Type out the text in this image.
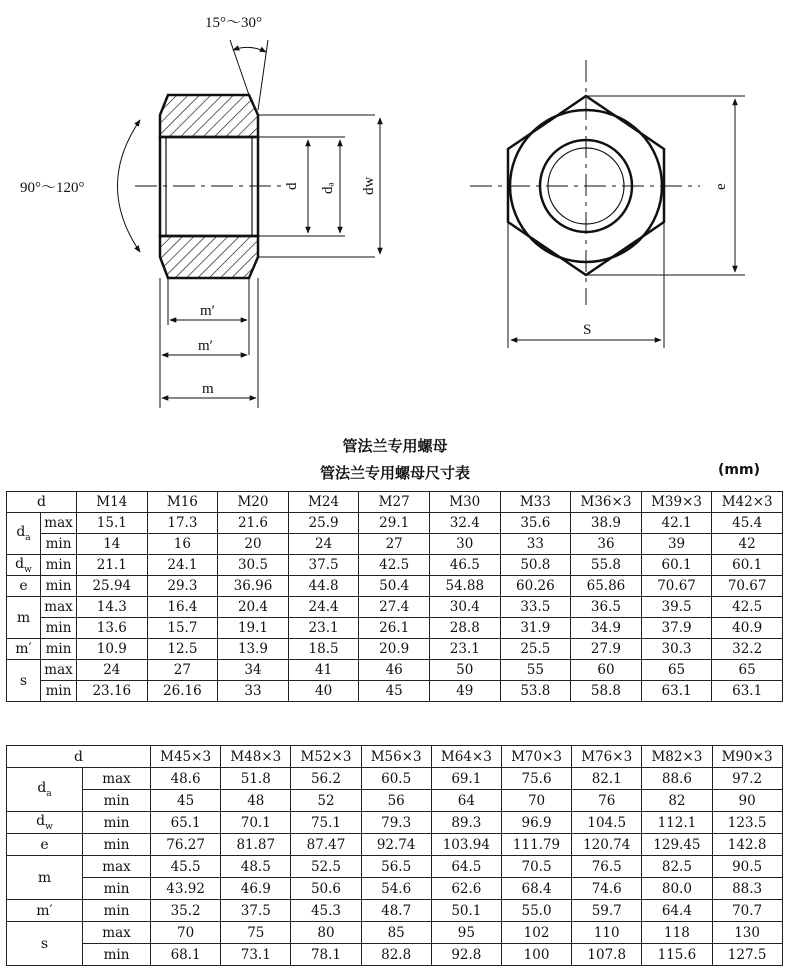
15°～30°
90°～120°	d dₐ dw
m′
m′
m
e
S
管法兰专用螺母
管法兰专用螺母尺寸表	(mm)
d		M14	M16	M20	M24	M27	M30	M33	M36×3	M39×3	M42×3
$d_a$	max	15.1	17.3	21.6	25.9	29.1	32.4	35.6	38.9	42.1	45.4
	min	14	16	20	24	27	30	33	36	39	42
$d_w$	min	21.1	24.1	30.5	37.5	42.5	46.5	50.8	55.8	60.1	60.1
e	min	25.94	29.3	36.96	44.8	50.4	54.88	60.26	65.86	70.67	70.67
m	max	14.3	16.4	20.4	24.4	27.4	30.4	33.5	36.5	39.5	42.5
	min	13.6	15.7	19.1	23.1	26.1	28.8	31.9	34.9	37.9	40.9
m′	min	10.9	12.5	13.9	18.5	20.9	23.1	25.5	27.9	30.3	32.2
s	max	24	27	34	41	46	50	55	60	65	65
	min	23.16	26.16	33	40	45	49	53.8	58.8	63.1	63.1
d		M45×3	M48×3	M52×3	M56×3	M64×3	M70×3	M76×3	M82×3	M90×3
$d_a$	max	48.6	51.8	56.2	60.5	69.1	75.6	82.1	88.6	97.2
	min	45	48	52	56	64	70	76	82	90
$d_w$	min	65.1	70.1	75.1	79.3	89.3	96.9	104.5	112.1	123.5
e	min	76.27	81.87	87.47	92.74	103.94	111.79	120.74	129.45	142.8
m	max	45.5	48.5	52.5	56.5	64.5	70.5	76.5	82.5	90.5
	min	43.92	46.9	50.6	54.6	62.6	68.4	74.6	80.0	88.3
m′	min	35.2	37.5	45.3	48.7	50.1	55.0	59.7	64.4	70.7
s	max	70	75	80	85	95	102	110	118	130
	min	68.1	73.1	78.1	82.8	92.8	100	107.8	115.6	127.5
